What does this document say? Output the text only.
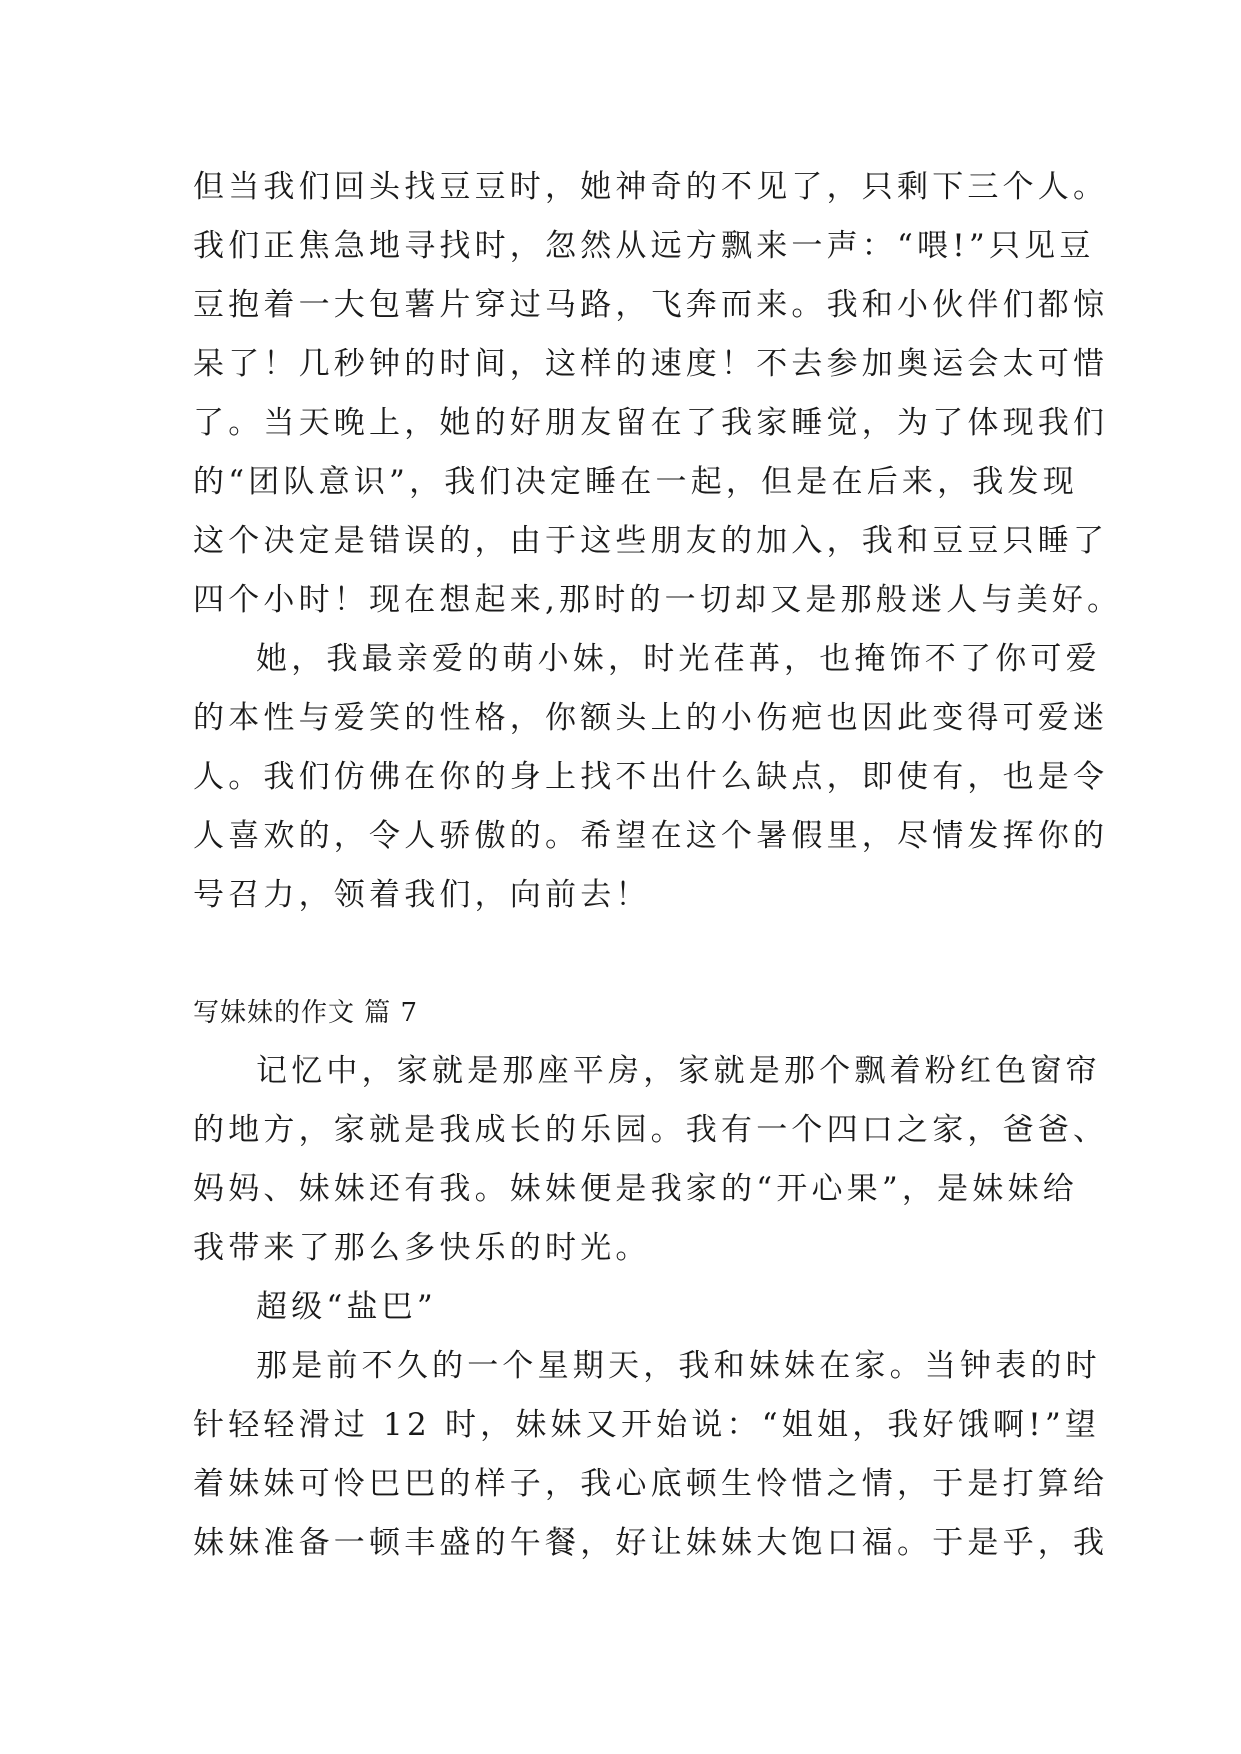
但当我们回头找豆豆时，她神奇的不见了，只剩下三个人。
我们正焦急地寻找时，忽然从远方飘来一声：“喂!”只见豆
豆抱着一大包薯片穿过马路，飞奔而来。我和小伙伴们都惊
呆了！几秒钟的时间，这样的速度！不去参加奥运会太可惜
了。当天晚上，她的好朋友留在了我家睡觉，为了体现我们
的“团队意识”，我们决定睡在一起，但是在后来，我发现
这个决定是错误的，由于这些朋友的加入，我和豆豆只睡了
四个小时！现在想起来,那时的一切却又是那般迷人与美好。
她，我最亲爱的萌小妹，时光荏苒，也掩饰不了你可爱
的本性与爱笑的性格，你额头上的小伤疤也因此变得可爱迷
人。我们仿佛在你的身上找不出什么缺点，即使有，也是令
人喜欢的，令人骄傲的。希望在这个暑假里，尽情发挥你的
号召力，领着我们，向前去！
写妹妹的作文 篇 7
记忆中，家就是那座平房，家就是那个飘着粉红色窗帘
的地方，家就是我成长的乐园。我有一个四口之家，爸爸、
妈妈、妹妹还有我。妹妹便是我家的“开心果”，是妹妹给
我带来了那么多快乐的时光。
超级“盐巴”
那是前不久的一个星期天，我和妹妹在家。当钟表的时
针轻轻滑过 12 时，妹妹又开始说：“姐姐，我好饿啊!”望
着妹妹可怜巴巴的样子，我心底顿生怜惜之情，于是打算给
妹妹准备一顿丰盛的午餐，好让妹妹大饱口福。于是乎，我
